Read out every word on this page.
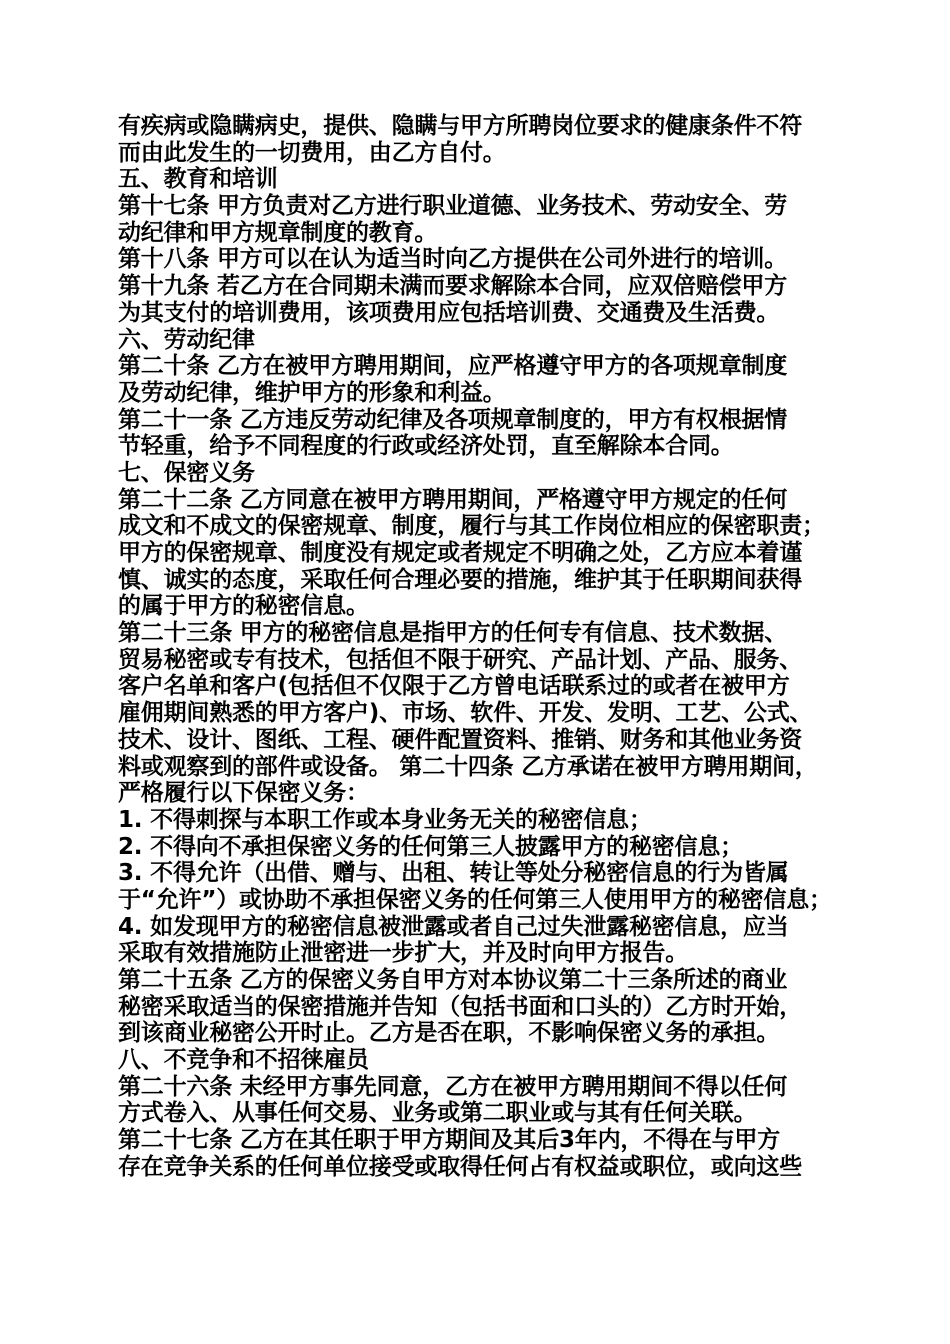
有疾病或隐瞒病史，提供、隐瞒与甲方所聘岗位要求的健康条件不符
而由此发生的一切费用，由乙方自付。
五、教育和培训
第十七条 甲方负责对乙方进行职业道德、业务技术、劳动安全、劳
动纪律和甲方规章制度的教育。
第十八条 甲方可以在认为适当时向乙方提供在公司外进行的培训。
第十九条 若乙方在合同期未满而要求解除本合同，应双倍赔偿甲方
为其支付的培训费用，该项费用应包括培训费、交通费及生活费。
六、劳动纪律
第二十条 乙方在被甲方聘用期间，应严格遵守甲方的各项规章制度
及劳动纪律，维护甲方的形象和利益。
第二十一条 乙方违反劳动纪律及各项规章制度的，甲方有权根据情
节轻重，给予不同程度的行政或经济处罚，直至解除本合同。
七、保密义务
第二十二条 乙方同意在被甲方聘用期间，严格遵守甲方规定的任何
成文和不成文的保密规章、制度，履行与其工作岗位相应的保密职责；
甲方的保密规章、制度没有规定或者规定不明确之处，乙方应本着谨
慎、诚实的态度，采取任何合理必要的措施，维护其于任职期间获得
的属于甲方的秘密信息。
第二十三条 甲方的秘密信息是指甲方的任何专有信息、技术数据、
贸易秘密或专有技术，包括但不限于研究、产品计划、产品、服务、
客户名单和客户(包括但不仅限于乙方曾电话联系过的或者在被甲方
雇佣期间熟悉的甲方客户)、市场、软件、开发、发明、工艺、公式、
技术、设计、图纸、工程、硬件配置资料、推销、财务和其他业务资
料或观察到的部件或设备。 第二十四条 乙方承诺在被甲方聘用期间，
严格履行以下保密义务：
1. 不得刺探与本职工作或本身业务无关的秘密信息；
2. 不得向不承担保密义务的任何第三人披露甲方的秘密信息；
3. 不得允许（出借、赠与、出租、转让等处分秘密信息的行为皆属
于“允许”）或协助不承担保密义务的任何第三人使用甲方的秘密信息；
4. 如发现甲方的秘密信息被泄露或者自己过失泄露秘密信息，应当
采取有效措施防止泄密进一步扩大，并及时向甲方报告。
第二十五条 乙方的保密义务自甲方对本协议第二十三条所述的商业
秘密采取适当的保密措施并告知（包括书面和口头的）乙方时开始，
到该商业秘密公开时止。乙方是否在职，不影响保密义务的承担。
八、不竞争和不招徕雇员
第二十六条 未经甲方事先同意，乙方在被甲方聘用期间不得以任何
方式卷入、从事任何交易、业务或第二职业或与其有任何关联。
第二十七条 乙方在其任职于甲方期间及其后3年内，不得在与甲方
存在竞争关系的任何单位接受或取得任何占有权益或职位，或向这些
